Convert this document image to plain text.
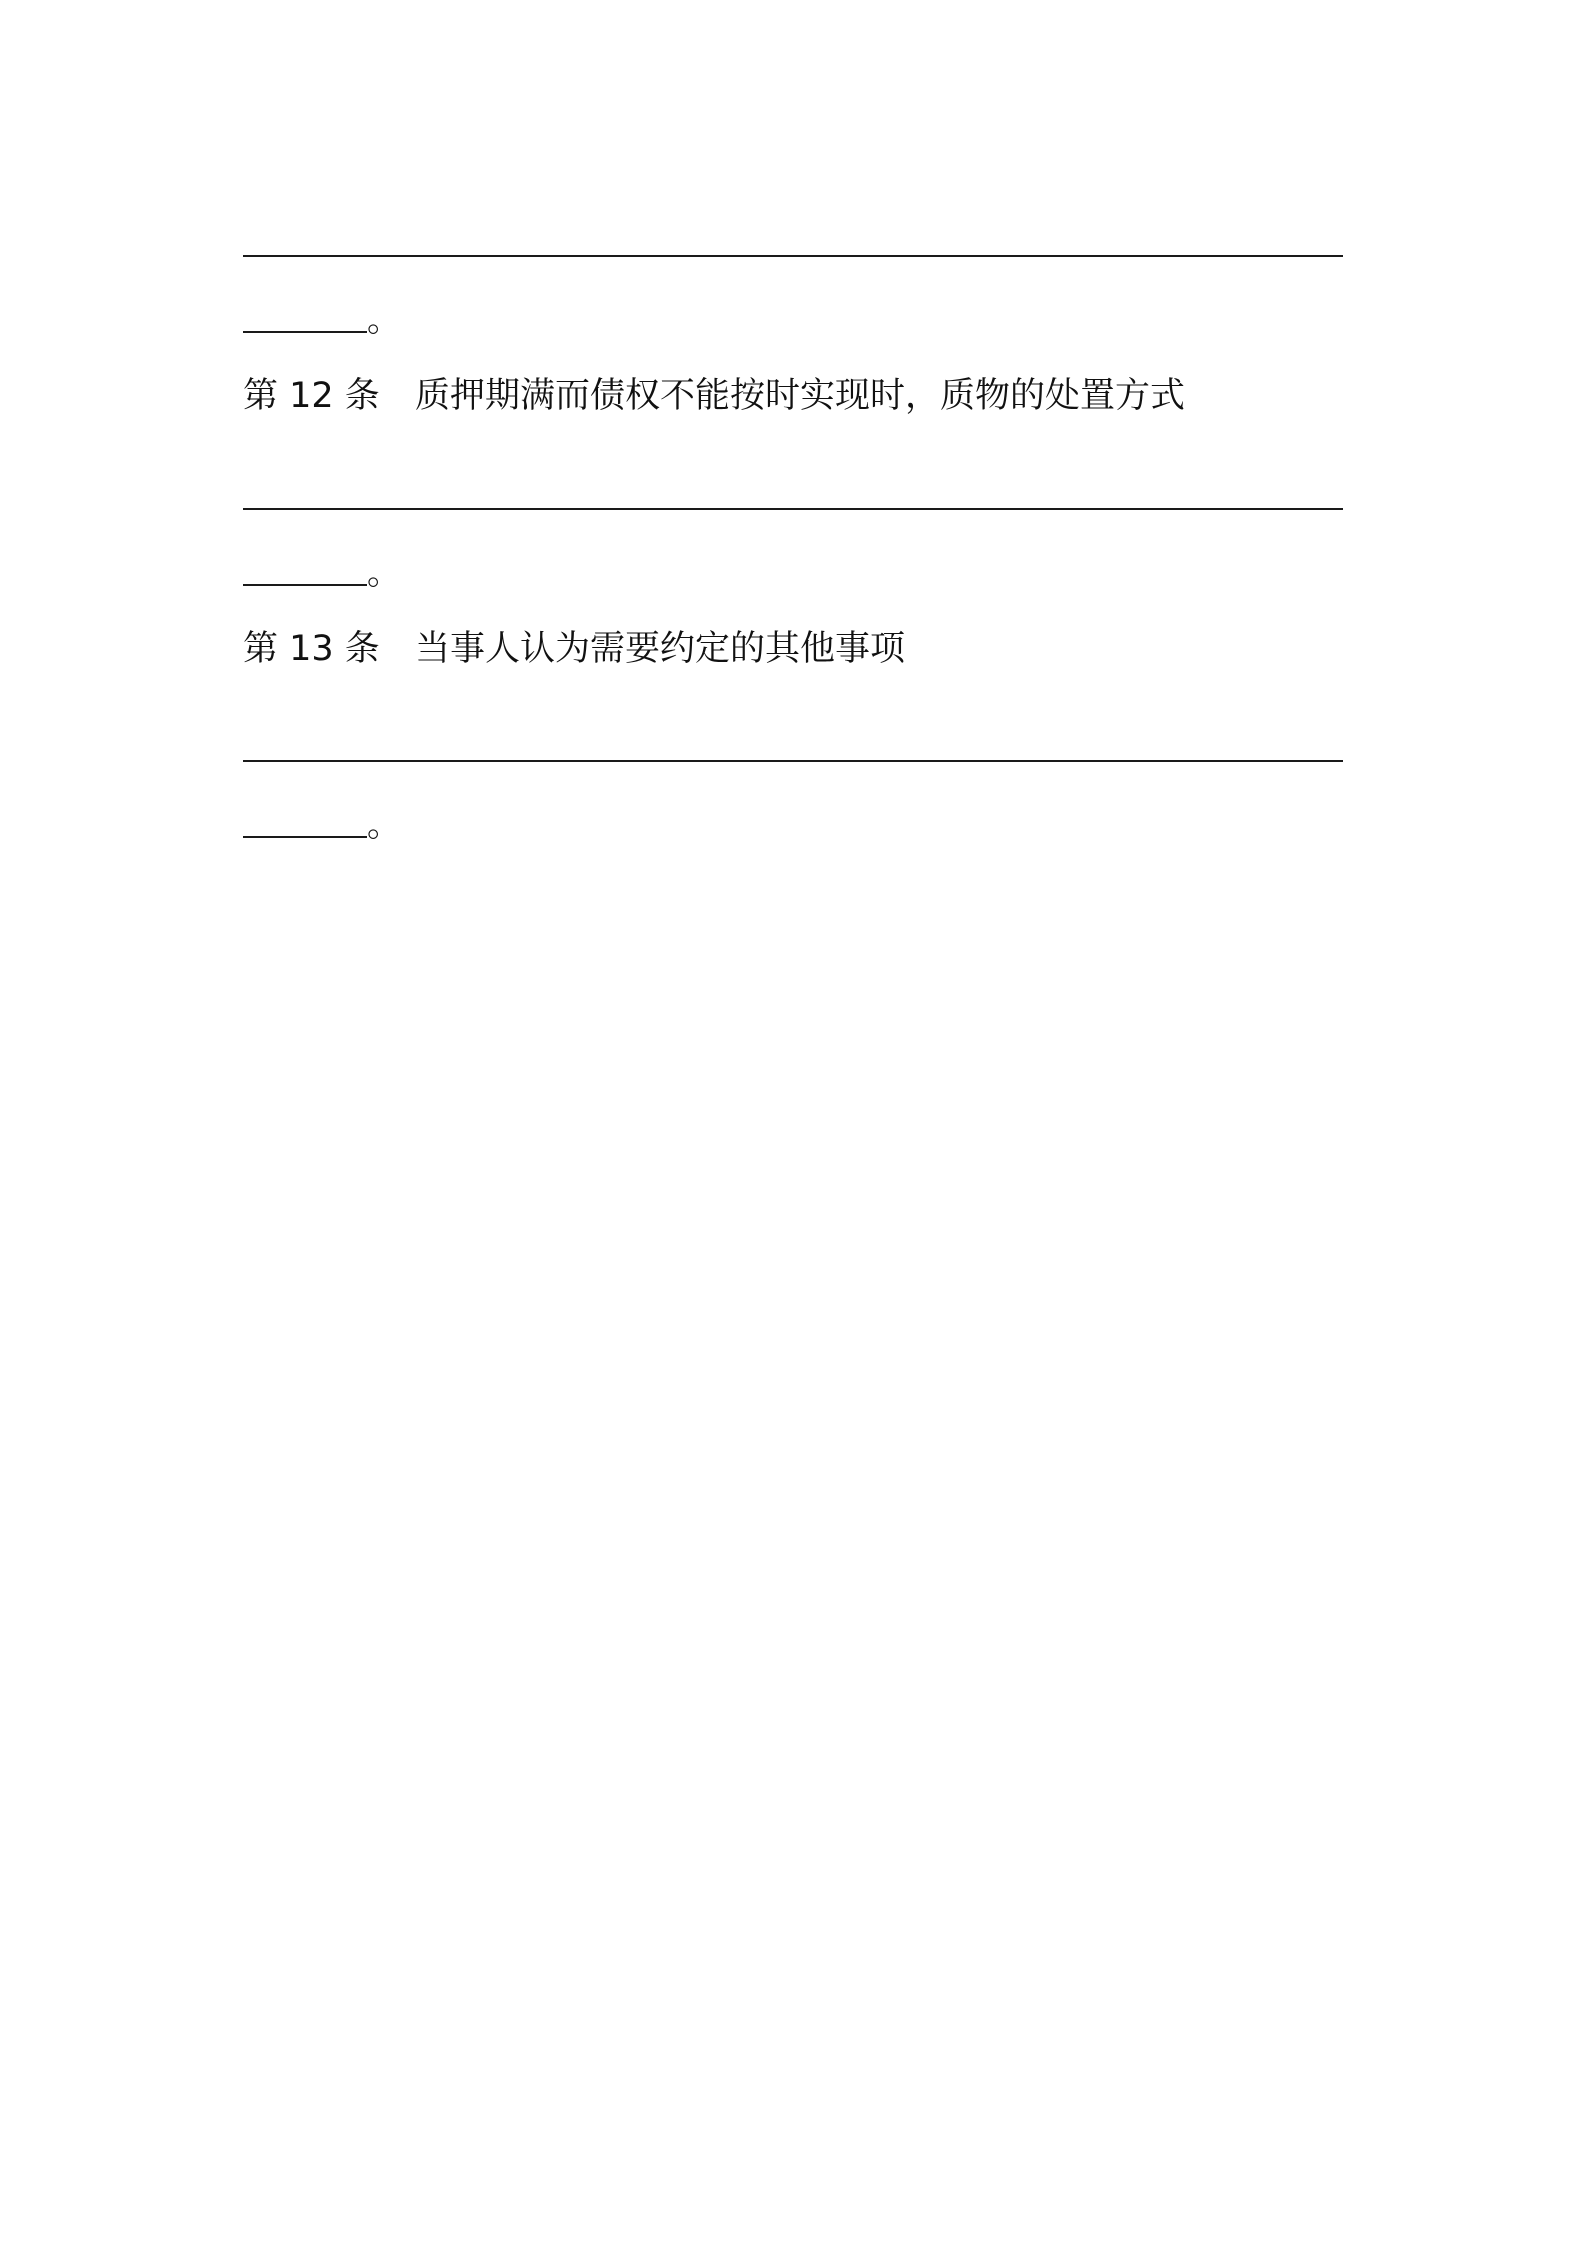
。
第 12 条 质押期满而债权不能按时实现时，质物的处置方式
。
第 13 条 当事人认为需要约定的其他事项
。
